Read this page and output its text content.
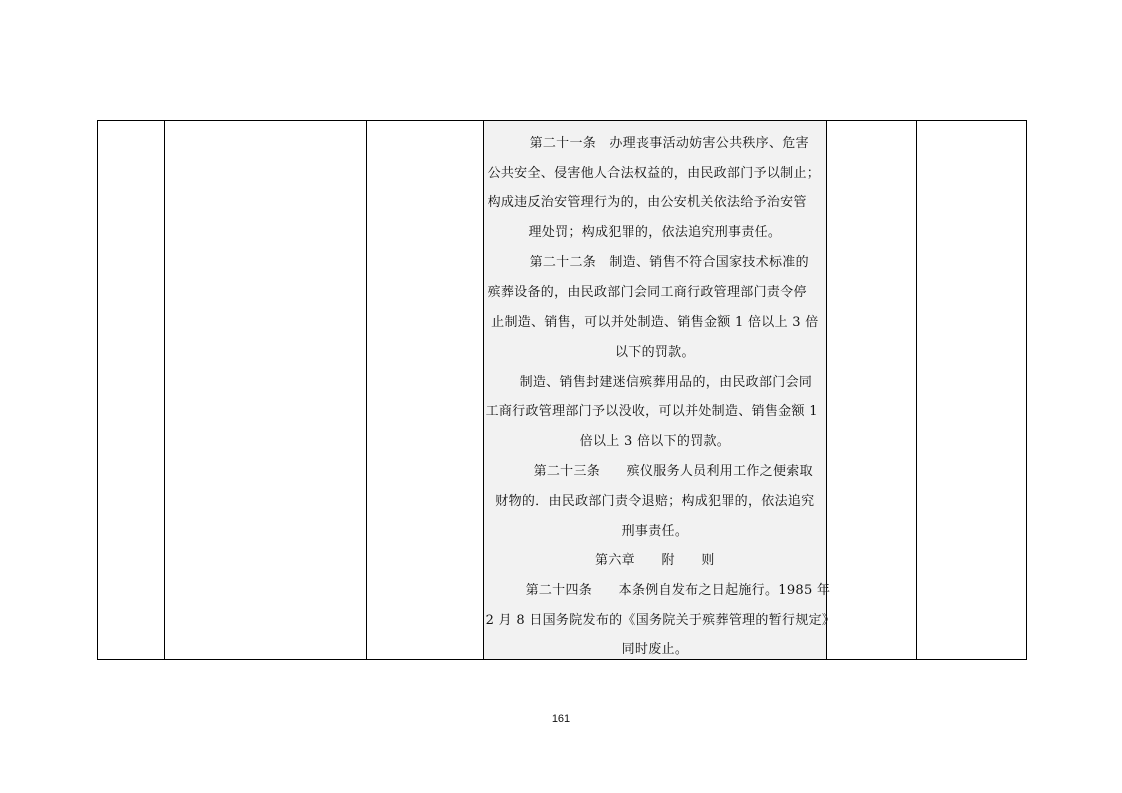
第二十一条　办理丧事活动妨害公共秩序、危害
公共安全、侵害他人合法权益的，由民政部门予以制止；
构成违反治安管理行为的，由公安机关依法给予治安管
理处罚；构成犯罪的，依法追究刑事责任。
第二十二条　制造、销售不符合国家技术标准的
殡葬设备的，由民政部门会同工商行政管理部门责令停
止制造、销售，可以并处制造、销售金额 1 倍以上 3 倍
以下的罚款。
制造、销售封建迷信殡葬用品的，由民政部门会同
工商行政管理部门予以没收，可以并处制造、销售金额 1
倍以上 3 倍以下的罚款。
第二十三条　　殡仪服务人员利用工作之便索取
财物的．由民政部门责令退赔；构成犯罪的，依法追究
刑事责任。
第六章　　附　　则
第二十四条　　本条例自发布之日起施行。1985 年
2 月 8 日国务院发布的《国务院关于殡葬管理的暂行规定》
同时废止。
161
